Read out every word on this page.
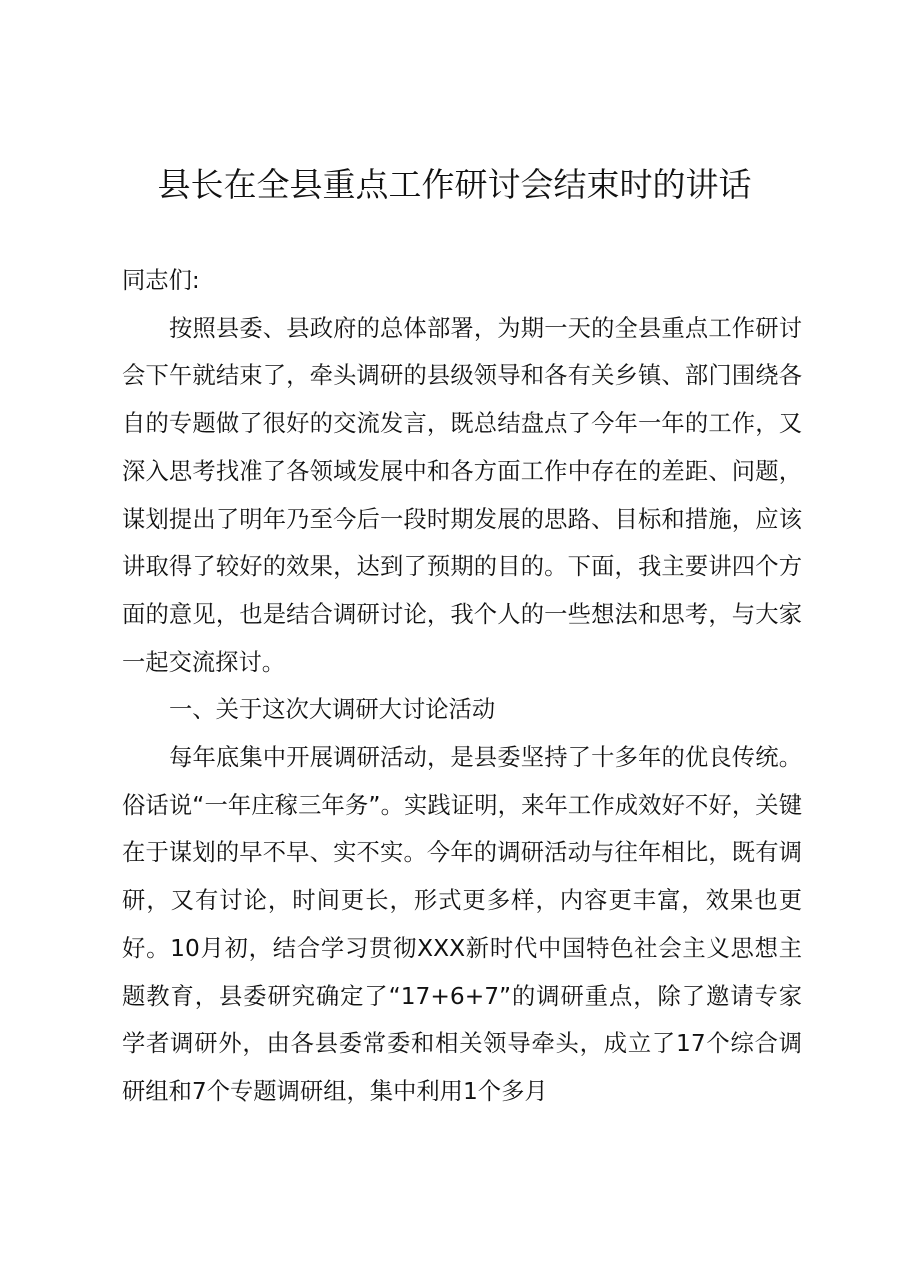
县长在全县重点工作研讨会结束时的讲话

同志们:

按照县委、县政府的总体部署，为期一天的全县重点工作研讨会下午就结束了，牵头调研的县级领导和各有关乡镇、部门围绕各自的专题做了很好的交流发言，既总结盘点了今年一年的工作，又深入思考找准了各领域发展中和各方面工作中存在的差距、问题，谋划提出了明年乃至今后一段时期发展的思路、目标和措施，应该讲取得了较好的效果，达到了预期的目的。下面，我主要讲四个方面的意见，也是结合调研讨论，我个人的一些想法和思考，与大家一起交流探讨。

一、关于这次大调研大讨论活动

每年底集中开展调研活动，是县委坚持了十多年的优良传统。俗话说“一年庄稼三年务”。实践证明，来年工作成效好不好，关键在于谋划的早不早、实不实。今年的调研活动与往年相比，既有调研，又有讨论，时间更长，形式更多样，内容更丰富，效果也更好。10月初，结合学习贯彻XXX新时代中国特色社会主义思想主题教育，县委研究确定了“17+6+7”的调研重点，除了邀请专家学者调研外，由各县委常委和相关领导牵头，成立了17个综合调研组和7个专题调研组，集中利用1个多月
